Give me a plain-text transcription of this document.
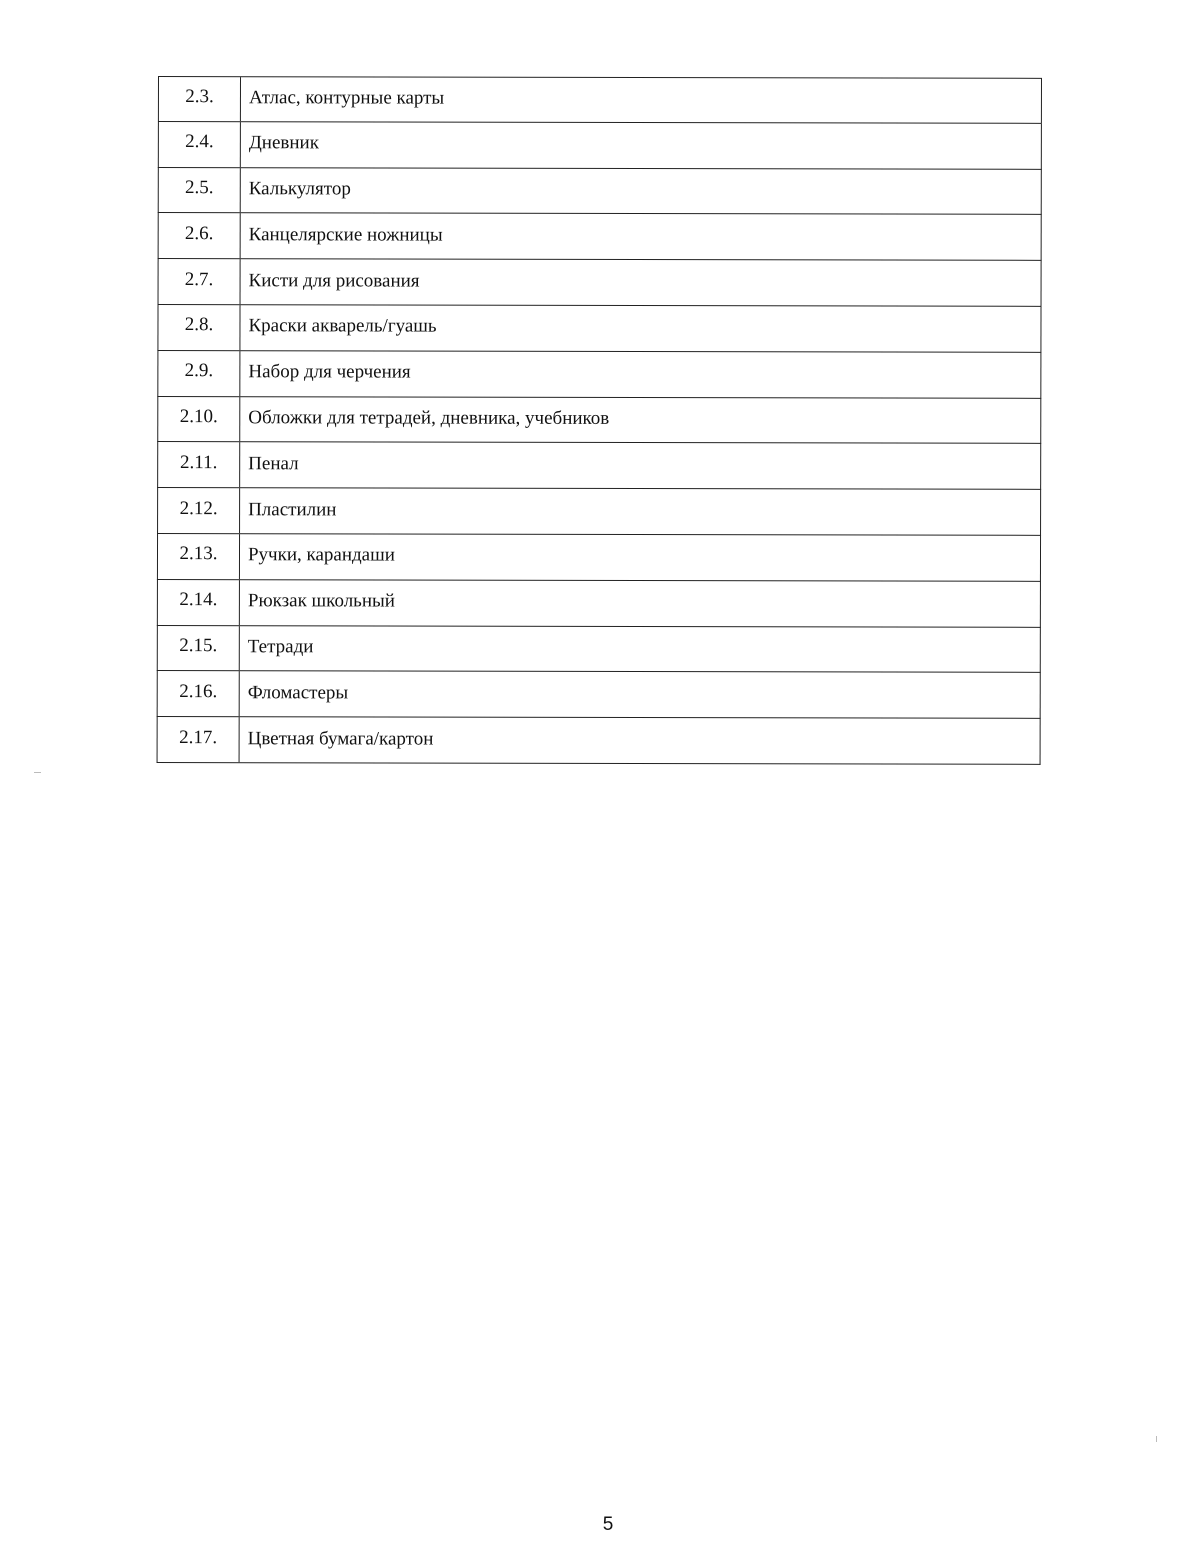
2.3.	Атлас, контурные карты
2.4.	Дневник
2.5.	Калькулятор
2.6.	Канцелярские ножницы
2.7.	Кисти для рисования
2.8.	Краски акварель/гуашь
2.9.	Набор для черчения
2.10.	Обложки для тетрадей, дневника, учебников
2.11.	Пенал
2.12.	Пластилин
2.13.	Ручки, карандаши
2.14.	Рюкзак школьный
2.15.	Тетради
2.16.	Фломастеры
2.17.	Цветная бумага/картон
5
